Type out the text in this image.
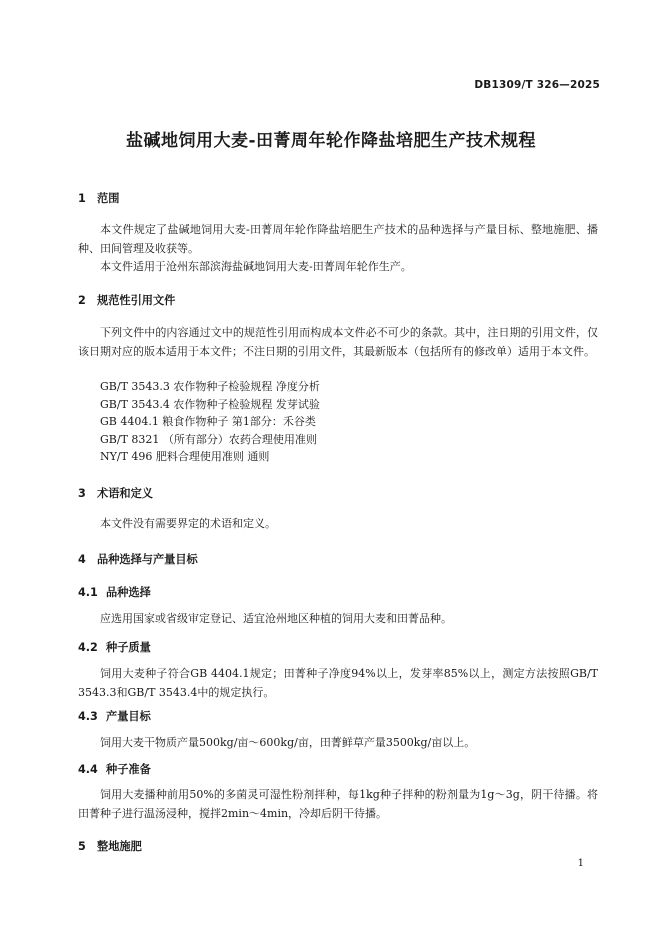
DB1309/T 326—2025
盐碱地饲用大麦-田菁周年轮作降盐培肥生产技术规程
1 范围
本文件规定了盐碱地饲用大麦-田菁周年轮作降盐培肥生产技术的品种选择与产量目标、整地施肥、播种、田间管理及收获等。
本文件适用于沧州东部滨海盐碱地饲用大麦-田菁周年轮作生产。
2 规范性引用文件
下列文件中的内容通过文中的规范性引用而构成本文件必不可少的条款。其中，注日期的引用文件，仅该日期对应的版本适用于本文件；不注日期的引用文件，其最新版本（包括所有的修改单）适用于本文件。
GB/T 3543.3 农作物种子检验规程 净度分析
GB/T 3543.4 农作物种子检验规程 发芽试验
GB 4404.1 粮食作物种子 第1部分：禾谷类
GB/T 8321 （所有部分）农药合理使用准则
NY/T 496 肥料合理使用准则 通则
3 术语和定义
本文件没有需要界定的术语和定义。
4 品种选择与产量目标
4.1 品种选择
应选用国家或省级审定登记、适宜沧州地区种植的饲用大麦和田菁品种。
4.2 种子质量
饲用大麦种子符合GB 4404.1规定；田菁种子净度94%以上，发芽率85%以上，测定方法按照GB/T 3543.3和GB/T 3543.4中的规定执行。
4.3 产量目标
饲用大麦干物质产量500kg/亩～600kg/亩，田菁鲜草产量3500kg/亩以上。
4.4 种子准备
饲用大麦播种前用50%的多菌灵可湿性粉剂拌种，每1kg种子拌种的粉剂量为1g～3g，阴干待播。将田菁种子进行温汤浸种，搅拌2min～4min，冷却后阴干待播。
5 整地施肥
1
